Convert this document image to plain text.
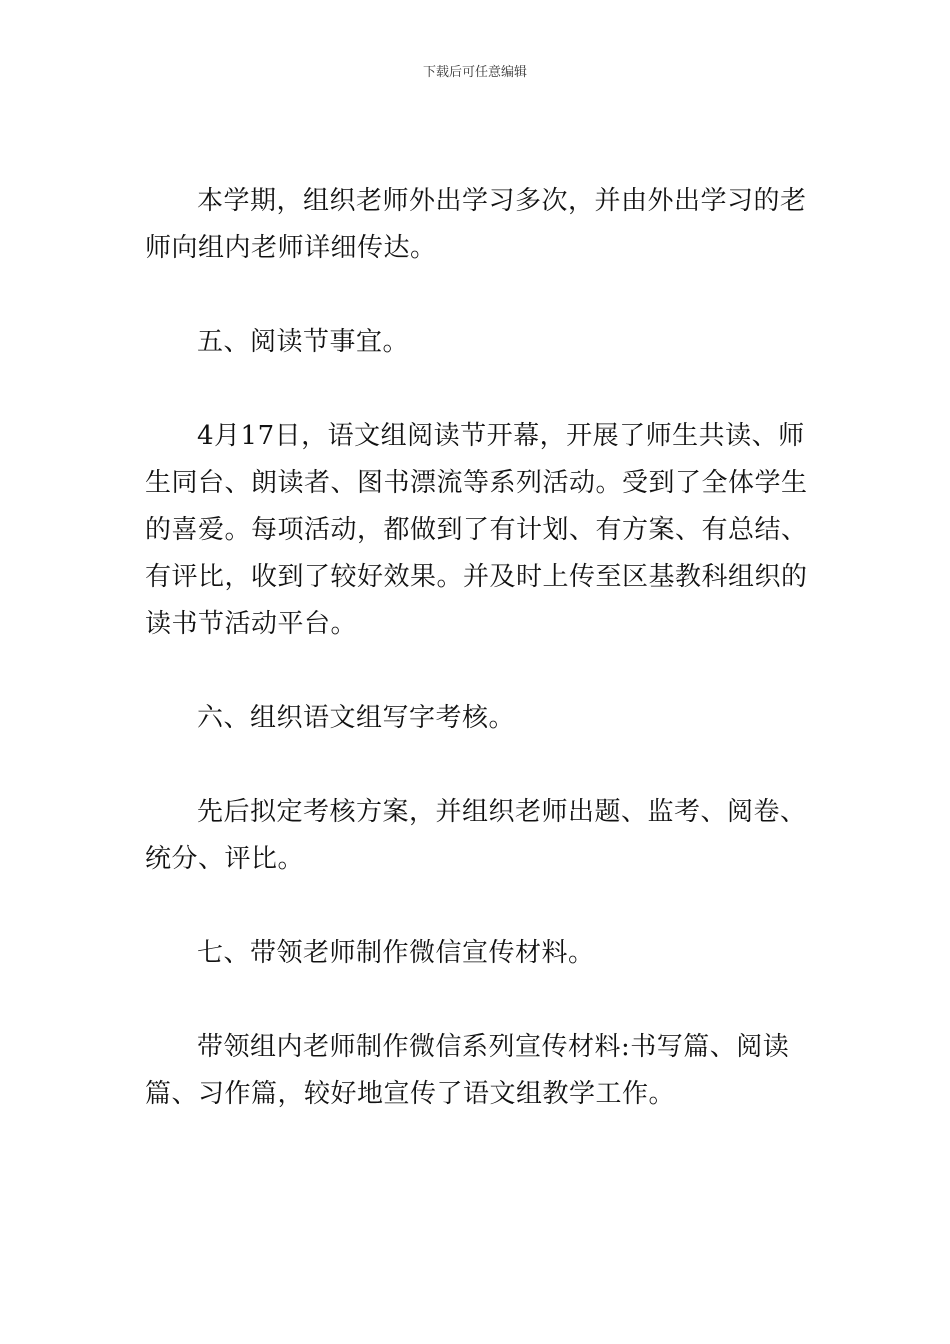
下载后可任意编辑

本学期，组织老师外出学习多次，并由外出学习的老师向组内老师详细传达。

五、阅读节事宜。

4月17日，语文组阅读节开幕，开展了师生共读、师生同台、朗读者、图书漂流等系列活动。受到了全体学生的喜爱。每项活动，都做到了有计划、有方案、有总结、有评比，收到了较好效果。并及时上传至区基教科组织的读书节活动平台。

六、组织语文组写字考核。

先后拟定考核方案，并组织老师出题、监考、阅卷、统分、评比。

七、带领老师制作微信宣传材料。

带领组内老师制作微信系列宣传材料:书写篇、阅读篇、习作篇，较好地宣传了语文组教学工作。
